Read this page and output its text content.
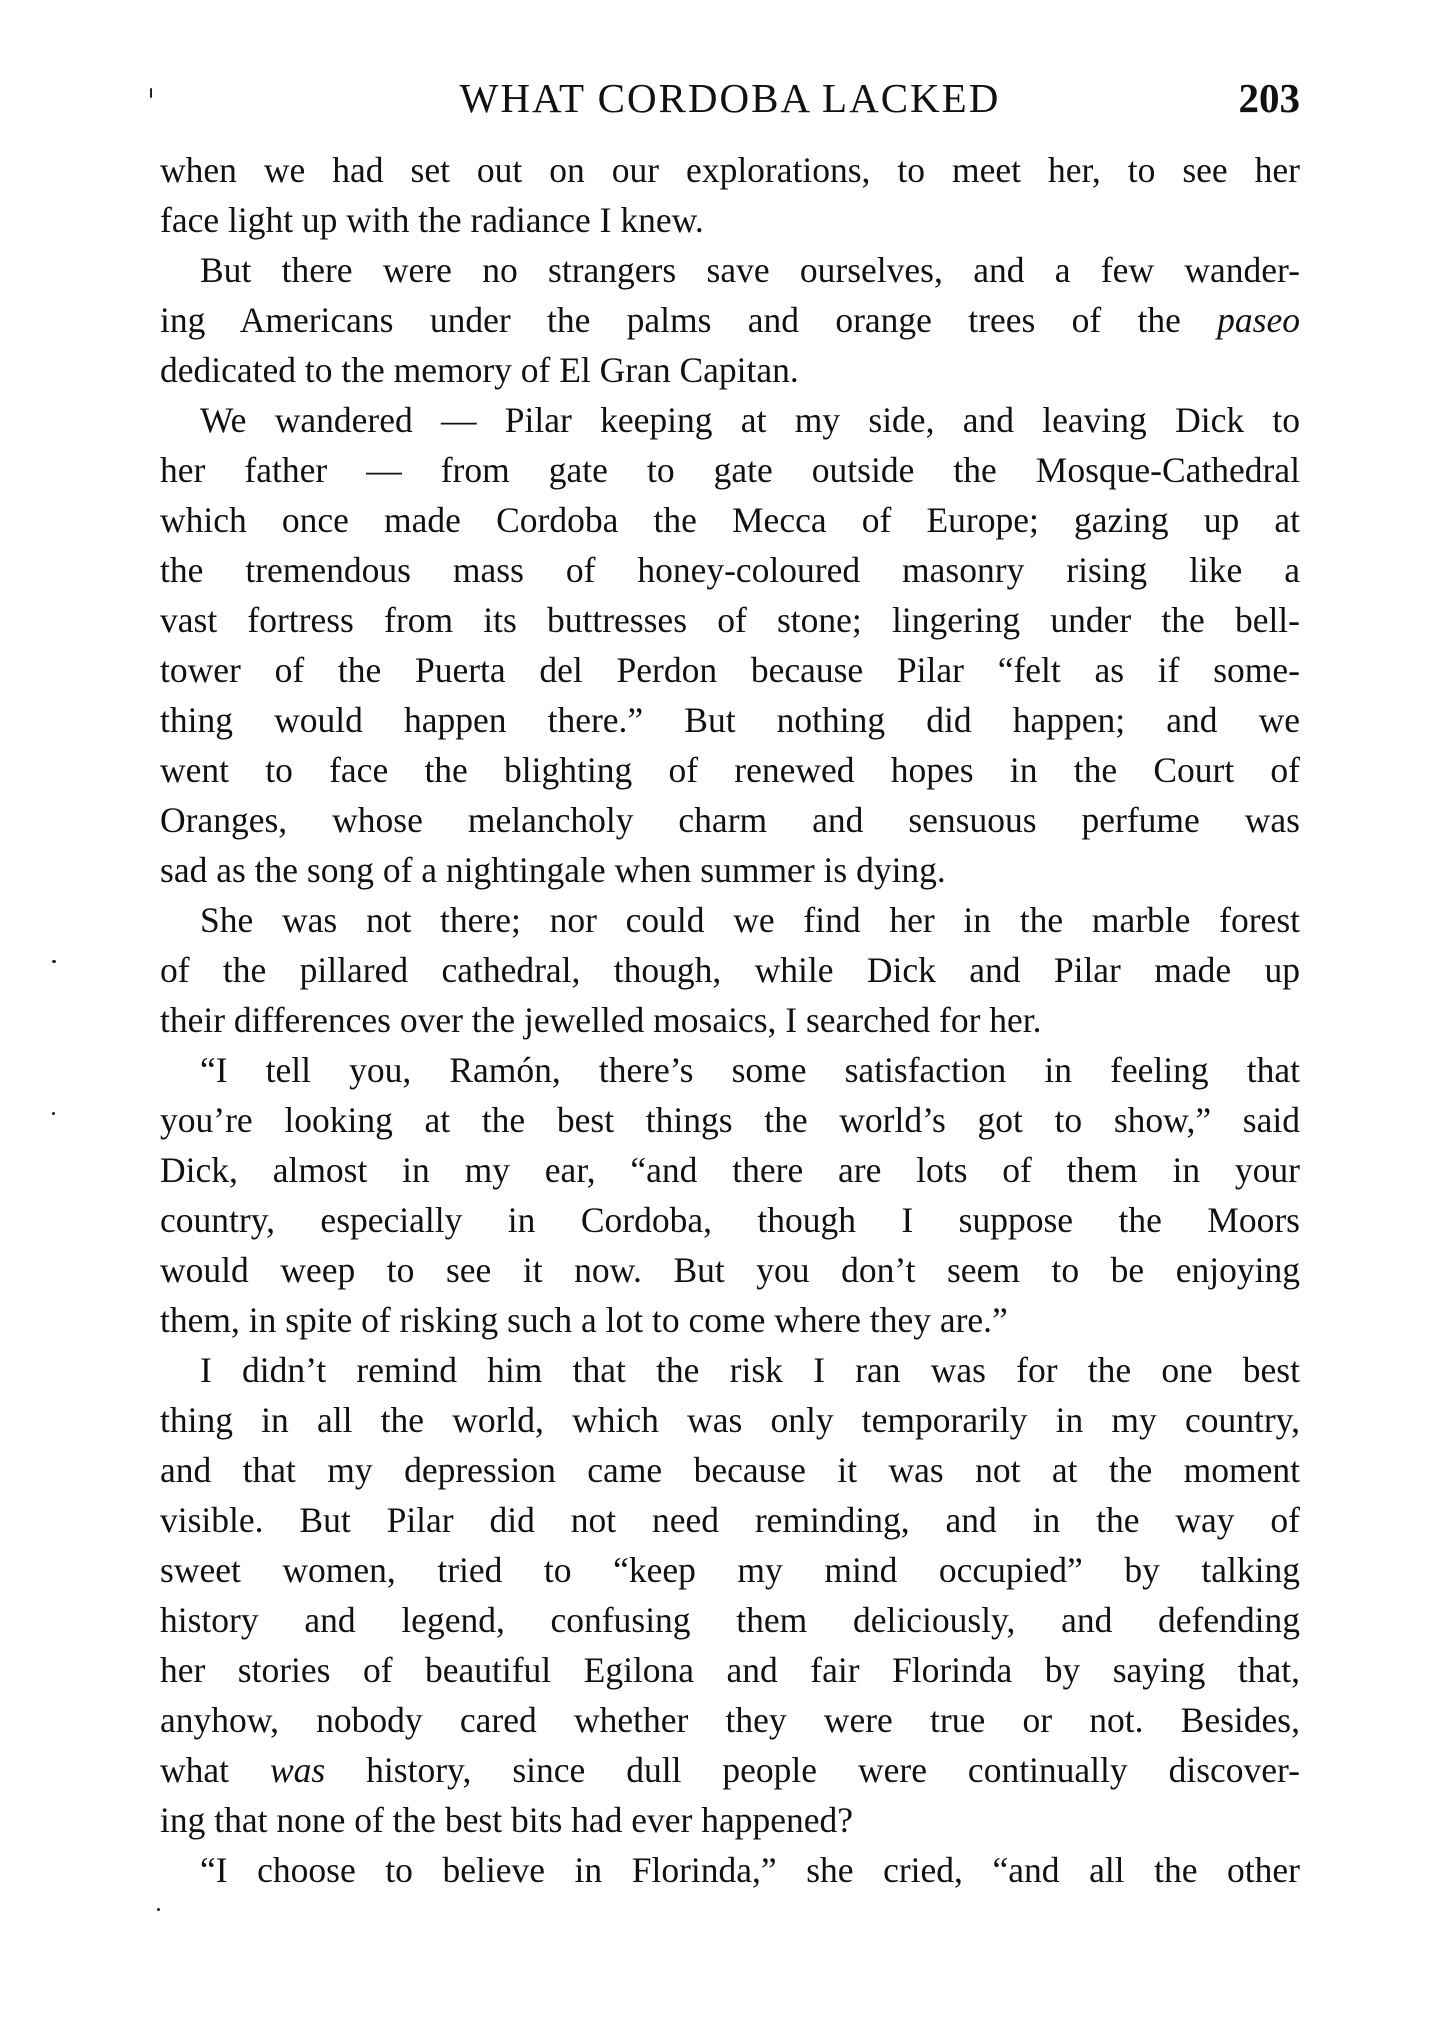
WHAT CORDOBA LACKED	203
when we had set out on our explorations, to meet her, to see her
face light up with the radiance I knew.
But there were no strangers save ourselves, and a few wander-
ing Americans under the palms and orange trees of the paseo
dedicated to the memory of El Gran Capitan.
We wandered — Pilar keeping at my side, and leaving Dick to
her father — from gate to gate outside the Mosque-Cathedral
which once made Cordoba the Mecca of Europe; gazing up at
the tremendous mass of honey-coloured masonry rising like a
vast fortress from its buttresses of stone; lingering under the bell-
tower of the Puerta del Perdon because Pilar “felt as if some-
thing would happen there.” But nothing did happen; and we
went to face the blighting of renewed hopes in the Court of
Oranges, whose melancholy charm and sensuous perfume was
sad as the song of a nightingale when summer is dying.
She was not there; nor could we find her in the marble forest
of the pillared cathedral, though, while Dick and Pilar made up
their differences over the jewelled mosaics, I searched for her.
“I tell you, Ramón, there’s some satisfaction in feeling that
you’re looking at the best things the world’s got to show,” said
Dick, almost in my ear, “and there are lots of them in your
country, especially in Cordoba, though I suppose the Moors
would weep to see it now. But you don’t seem to be enjoying
them, in spite of risking such a lot to come where they are.”
I didn’t remind him that the risk I ran was for the one best
thing in all the world, which was only temporarily in my country,
and that my depression came because it was not at the moment
visible. But Pilar did not need reminding, and in the way of
sweet women, tried to “keep my mind occupied” by talking
history and legend, confusing them deliciously, and defending
her stories of beautiful Egilona and fair Florinda by saying that,
anyhow, nobody cared whether they were true or not. Besides,
what was history, since dull people were continually discover-
ing that none of the best bits had ever happened?
“I choose to believe in Florinda,” she cried, “and all the other
